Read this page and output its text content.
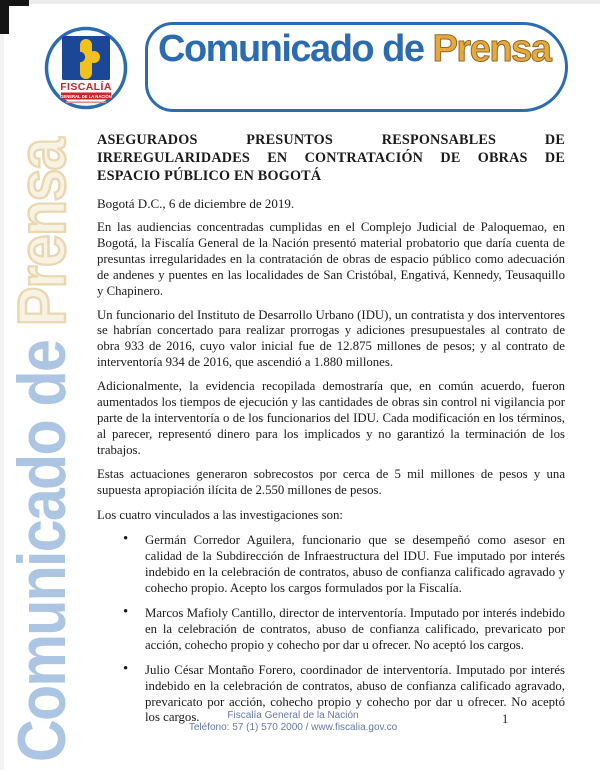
Comunicado de Prensa
FISCALÍA
GENERAL DE LA NACIÓN
Comunicado de Prensa	ASEGURADOS PRESUNTOS RESPONSABLES DE
IREREGULARIDADES EN CONTRATACIÓN DE OBRAS DE
ESPACIO PÚBLICO EN BOGOTÁ
Bogotá D.C., 6 de diciembre de 2019.
En las audiencias concentradas cumplidas en el Complejo Judicial de Paloquemao, en Bogotá, la Fiscalía General de la Nación presentó material probatorio que daría cuenta de presuntas irregularidades en la contratación de obras de espacio público como adecuación de andenes y puentes en las localidades de San Cristóbal, Engativá, Kennedy, Teusaquillo y Chapinero.
Un funcionario del Instituto de Desarrollo Urbano (IDU), un contratista y dos interventores se habrían concertado para realizar prorrogas y adiciones presupuestales al contrato de obra 933 de 2016, cuyo valor inicial fue de 12.875 millones de pesos; y al contrato de interventoría 934 de 2016, que ascendió a 1.880 millones.
Adicionalmente, la evidencia recopilada demostraría que, en común acuerdo, fueron aumentados los tiempos de ejecución y las cantidades de obras sin control ni vigilancia por parte de la interventoría o de los funcionarios del IDU. Cada modificación en los términos, al parecer, representó dinero para los implicados y no garantizó la terminación de los trabajos.
Estas actuaciones generaron sobrecostos por cerca de 5 mil millones de pesos y una supuesta apropiación ilícita de 2.550 millones de pesos.
Los cuatro vinculados a las investigaciones son:
• Germán Corredor Aguilera, funcionario que se desempeñó como asesor en calidad de la Subdirección de Infraestructura del IDU. Fue imputado por interés indebido en la celebración de contratos, abuso de confianza calificado agravado y cohecho propio. Acepto los cargos formulados por la Fiscalía.
• Marcos Mafioly Cantillo, director de interventoría. Imputado por interés indebido en la celebración de contratos, abuso de confianza calificado, prevaricato por acción, cohecho propio y cohecho por dar u ofrecer. No aceptó los cargos.
• Julio César Montaño Forero, coordinador de interventoría. Imputado por interés indebido en la celebración de contratos, abuso de confianza calificado agravado, prevaricato por acción, cohecho propio y cohecho por dar u ofrecer. No aceptó los cargos.	Fiscalía General de la Nación
Teléfono: 57 (1) 570 2000 / www.fiscalia.gov.co
1
